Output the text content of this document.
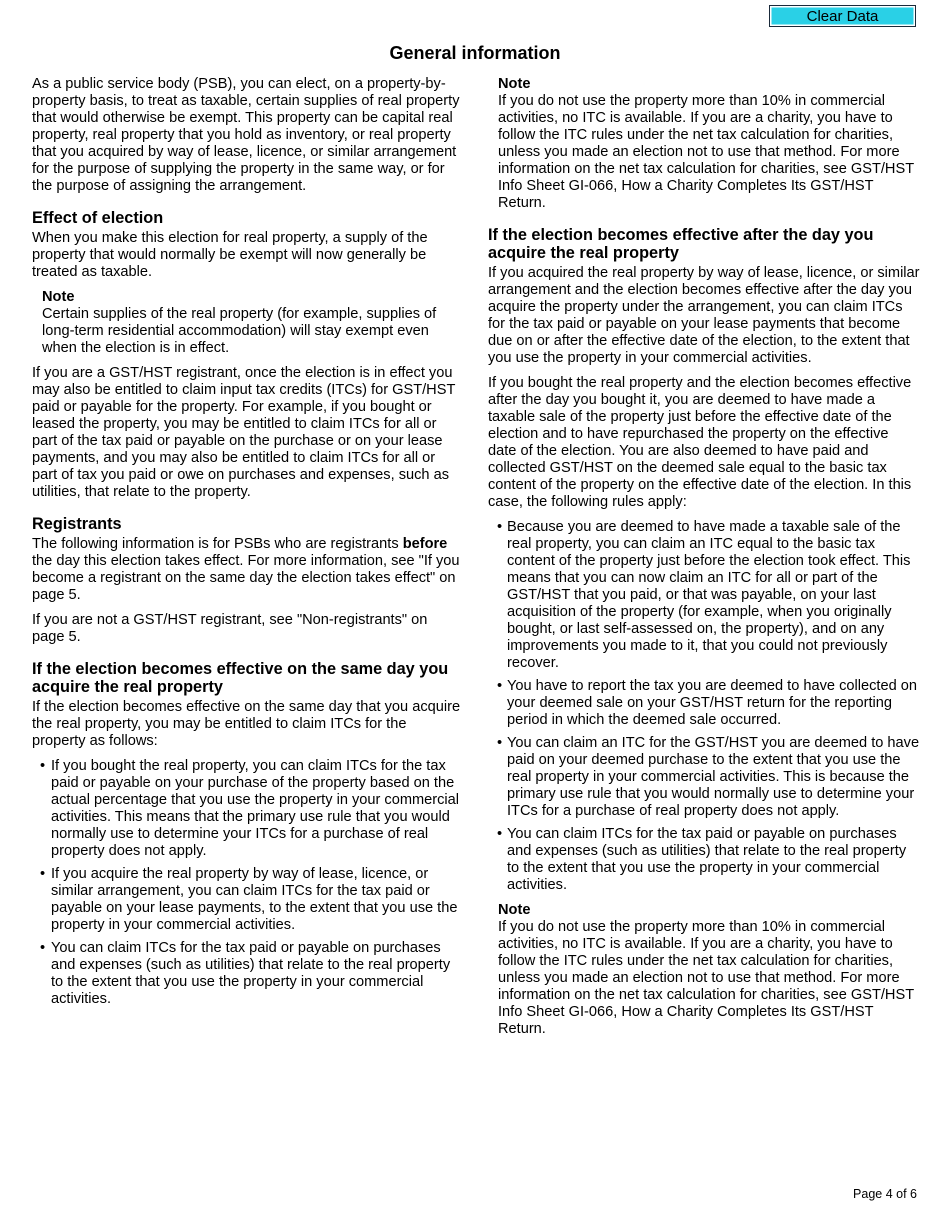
Clear Data
General information

As a public service body (PSB), you can elect, on a property-by-property basis, to treat as taxable, certain supplies of real property that would otherwise be exempt. This property can be capital real property, real property that you hold as inventory, or real property that you acquired by way of lease, licence, or similar arrangement for the purpose of supplying the property in the same way, or for the purpose of assigning the arrangement.

Effect of election

When you make this election for real property, a supply of the property that would normally be exempt will now generally be treated as taxable.

Note
Certain supplies of the real property (for example, supplies of long-term residential accommodation) will stay exempt even when the election is in effect.

If you are a GST/HST registrant, once the election is in effect you may also be entitled to claim input tax credits (ITCs) for GST/HST paid or payable for the property. For example, if you bought or leased the property, you may be entitled to claim ITCs for all or part of the tax paid or payable on the purchase or on your lease payments, and you may also be entitled to claim ITCs for all or part of tax you paid or owe on purchases and expenses, such as utilities, that relate to the property.

Registrants

The following information is for PSBs who are registrants before the day this election takes effect. For more information, see "If you become a registrant on the same day the election takes effect" on page 5.

If you are not a GST/HST registrant, see "Non-registrants" on page 5.

If the election becomes effective on the same day you acquire the real property

If the election becomes effective on the same day that you acquire the real property, you may be entitled to claim ITCs for the property as follows:

• If you bought the real property, you can claim ITCs for the tax paid or payable on your purchase of the property based on the actual percentage that you use the property in your commercial activities. This means that the primary use rule that you would normally use to determine your ITCs for a purchase of real property does not apply.
• If you acquire the real property by way of lease, licence, or similar arrangement, you can claim ITCs for the tax paid or payable on your lease payments, to the extent that you use the property in your commercial activities.
• You can claim ITCs for the tax paid or payable on purchases and expenses (such as utilities) that relate to the real property to the extent that you use the property in your commercial activities.
Note
If you do not use the property more than 10% in commercial activities, no ITC is available. If you are a charity, you have to follow the ITC rules under the net tax calculation for charities, unless you made an election not to use that method. For more information on the net tax calculation for charities, see GST/HST Info Sheet GI-066, How a Charity Completes Its GST/HST Return.
If the election becomes effective after the day you acquire the real property

If you acquired the real property by way of lease, licence, or similar arrangement and the election becomes effective after the day you acquire the property under the arrangement, you can claim ITCs for the tax paid or payable on your lease payments that become due on or after the effective date of the election, to the extent that you use the property in your commercial activities.

If you bought the real property and the election becomes effective after the day you bought it, you are deemed to have made a taxable sale of the property just before the effective date of the election and to have repurchased the property on the effective date of the election. You are also deemed to have paid and collected GST/HST on the deemed sale equal to the basic tax content of the property on the effective date of the election. In this case, the following rules apply:

• Because you are deemed to have made a taxable sale of the real property, you can claim an ITC equal to the basic tax content of the property just before the election took effect. This means that you can now claim an ITC for all or part of the GST/HST that you paid, or that was payable, on your last acquisition of the property (for example, when you originally bought, or last self-assessed on, the property), and on any improvements you made to it, that you could not previously recover.
• You have to report the tax you are deemed to have collected on your deemed sale on your GST/HST return for the reporting period in which the deemed sale occurred.
• You can claim an ITC for the GST/HST you are deemed to have paid on your deemed purchase to the extent that you use the real property in your commercial activities. This is because the primary use rule that you would normally use to determine your ITCs for a purchase of real property does not apply.
• You can claim ITCs for the tax paid or payable on purchases and expenses (such as utilities) that relate to the real property to the extent that you use the property in your commercial activities.
Note
If you do not use the property more than 10% in commercial activities, no ITC is available. If you are a charity, you have to follow the ITC rules under the net tax calculation for charities, unless you made an election not to use that method. For more information on the net tax calculation for charities, see GST/HST Info Sheet GI-066, How a Charity Completes Its GST/HST Return.
Page 4 of 6
